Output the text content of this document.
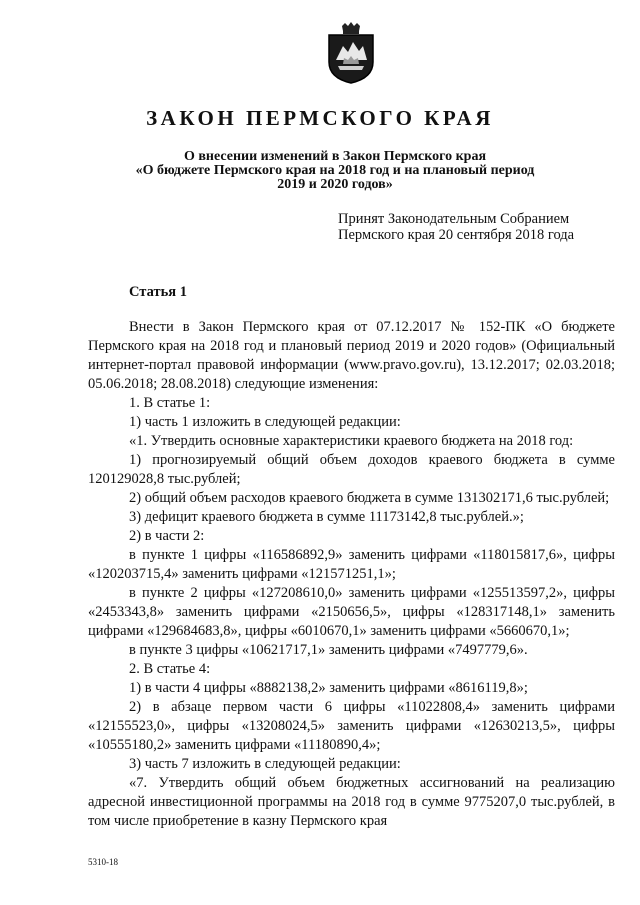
ЗАКОН ПЕРМСКОГО КРАЯ
О внесении изменений в Закон Пермского края
«О бюджете Пермского края на 2018 год и на плановый период
2019 и 2020 годов»
Принят Законодательным Собранием
Пермского края 20 сентября 2018 года
Статья 1

Внести в Закон Пермского края от 07.12.2017 № 152-ПК «О бюджете Пермского края на 2018 год и плановый период 2019 и 2020 годов» (Официальный интернет-портал правовой информации (www.pravo.gov.ru), 13.12.2017; 02.03.2018; 05.06.2018; 28.08.2018) следующие изменения:

1. В статье 1:

1) часть 1 изложить в следующей редакции:

«1. Утвердить основные характеристики краевого бюджета на 2018 год:

1) прогнозируемый общий объем доходов краевого бюджета в сумме 120129028,8 тыс.рублей;

2) общий объем расходов краевого бюджета в сумме 131302171,6 тыс.рублей;

3) дефицит краевого бюджета в сумме 11173142,8 тыс.рублей.»;

2) в части 2:

в пункте 1 цифры «116586892,9» заменить цифрами «118015817,6», цифры «120203715,4» заменить цифрами «121571251,1»;

в пункте 2 цифры «127208610,0» заменить цифрами «125513597,2», цифры «2453343,8» заменить цифрами «2150656,5», цифры «128317148,1» заменить цифрами «129684683,8», цифры «6010670,1» заменить цифрами «5660670,1»;

в пункте 3 цифры «10621717,1» заменить цифрами «7497779,6».

2. В статье 4:

1) в части 4 цифры «8882138,2» заменить цифрами «8616119,8»;

2) в абзаце первом части 6 цифры «11022808,4» заменить цифрами «12155523,0», цифры «13208024,5» заменить цифрами «12630213,5», цифры «10555180,2» заменить цифрами «11180890,4»;

3) часть 7 изложить в следующей редакции:

«7. Утвердить общий объем бюджетных ассигнований на реализацию адресной инвестиционной программы на 2018 год в сумме 9775207,0 тыс.рублей, в том числе приобретение в казну Пермского края

5310-18
